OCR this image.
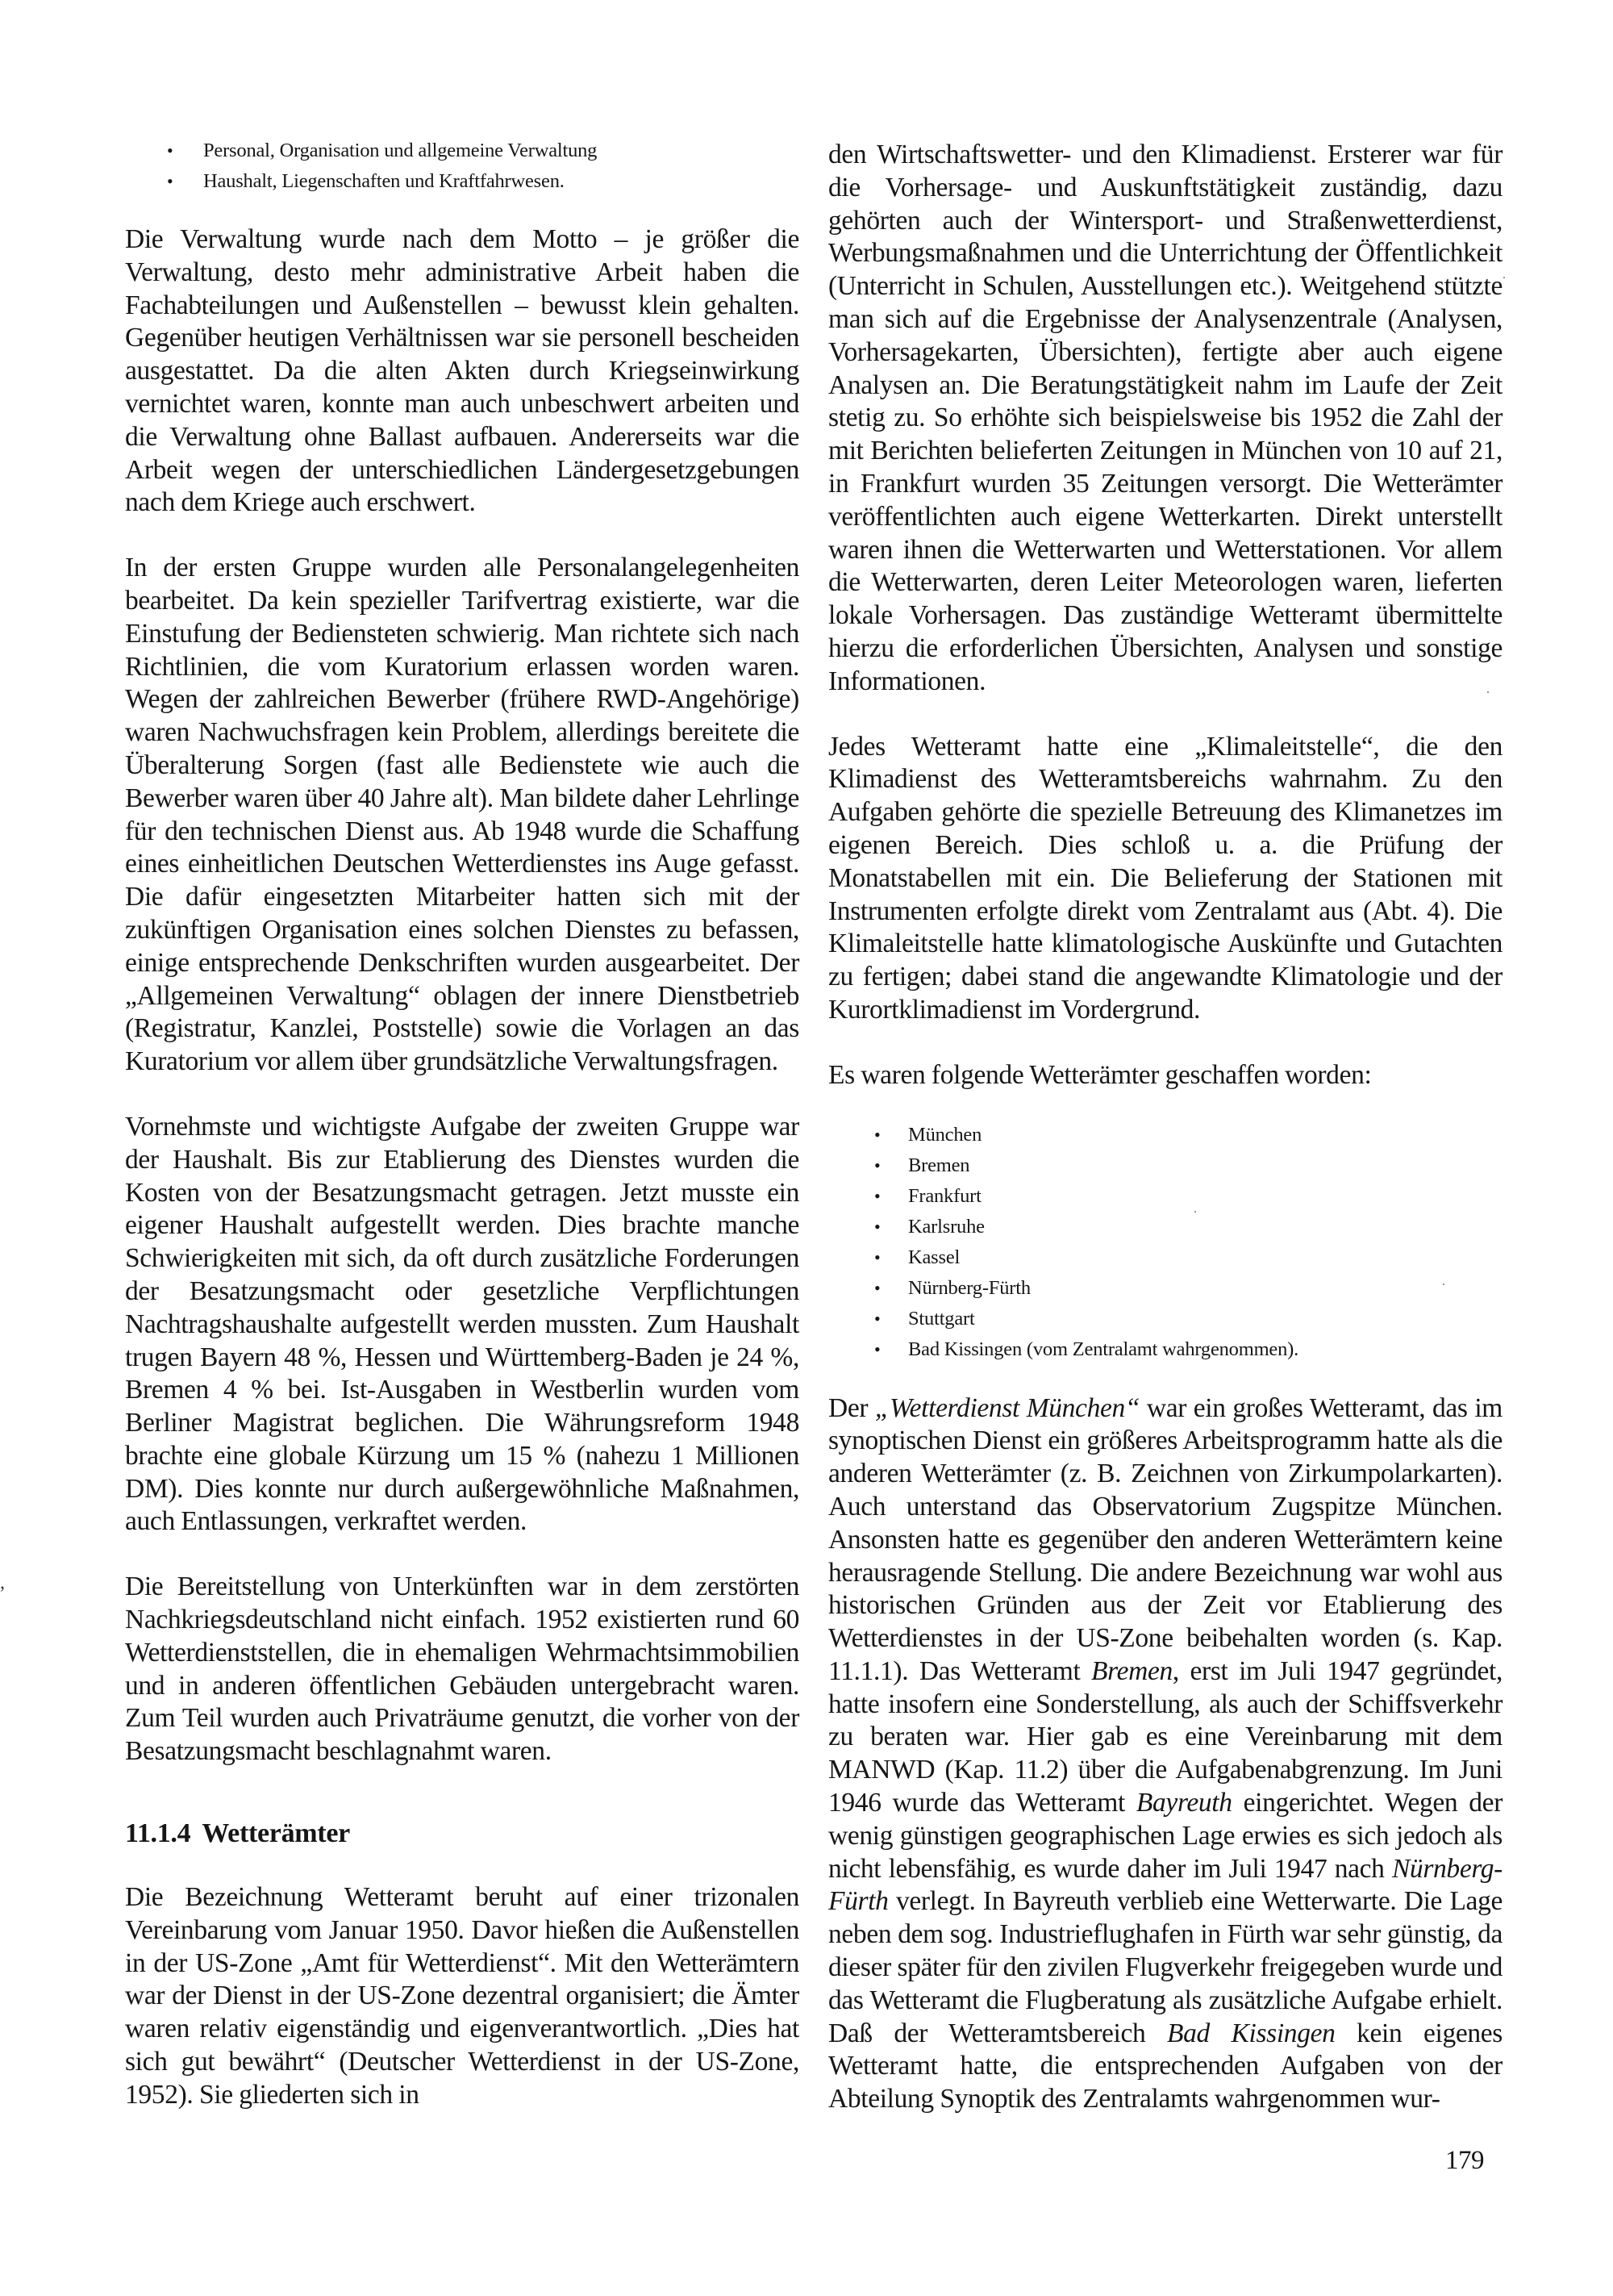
,
• Personal, Organisation und allgemeine Verwaltung
• Haushalt, Liegenschaften und Kraftfahrwesen.

Die Verwaltung wurde nach dem Motto – je größer die Verwaltung, desto mehr administrative Arbeit haben die Fachabteilungen und Außenstellen – bewusst klein gehalten. Gegenüber heutigen Verhältnissen war sie personell bescheiden ausgestattet. Da die alten Akten durch Kriegseinwirkung vernichtet waren, konnte man auch unbeschwert arbeiten und die Verwaltung ohne Ballast aufbauen. Andererseits war die Arbeit wegen der unterschiedlichen Ländergesetzgebungen nach dem Kriege auch erschwert.

In der ersten Gruppe wurden alle Personalangelegenheiten bearbeitet. Da kein spezieller Tarifvertrag existierte, war die Einstufung der Bediensteten schwierig. Man richtete sich nach Richtlinien, die vom Kuratorium erlassen worden waren. Wegen der zahlreichen Bewerber (frühere RWD-Angehörige) waren Nachwuchsfragen kein Problem, allerdings bereitete die Überalterung Sorgen (fast alle Bedienstete wie auch die Bewerber waren über 40 Jahre alt). Man bildete daher Lehrlinge für den technischen Dienst aus. Ab 1948 wurde die Schaffung eines einheitlichen Deutschen Wetterdienstes ins Auge gefasst. Die dafür eingesetzten Mitarbeiter hatten sich mit der zukünftigen Organisation eines solchen Dienstes zu befassen, einige entsprechende Denkschriften wurden ausgearbeitet. Der „Allgemeinen Verwaltung“ oblagen der innere Dienstbetrieb (Registratur, Kanzlei, Poststelle) sowie die Vorlagen an das Kuratorium vor allem über grundsätzliche Verwaltungsfragen.

Vornehmste und wichtigste Aufgabe der zweiten Gruppe war der Haushalt. Bis zur Etablierung des Dienstes wurden die Kosten von der Besatzungsmacht getragen. Jetzt musste ein eigener Haushalt aufgestellt werden. Dies brachte manche Schwierigkeiten mit sich, da oft durch zusätzliche Forderungen der Besatzungsmacht oder gesetzliche Verpflichtungen Nachtragshaushalte aufgestellt werden mussten. Zum Haushalt trugen Bayern 48 %, Hessen und Württemberg-Baden je 24 %, Bremen 4 % bei. Ist-Ausgaben in Westberlin wurden vom Berliner Magistrat beglichen. Die Währungsreform 1948 brachte eine globale Kürzung um 15 % (nahezu 1 Millionen DM). Dies konnte nur durch außergewöhnliche Maßnahmen, auch Entlassungen, verkraftet werden.

Die Bereitstellung von Unterkünften war in dem zerstörten Nachkriegsdeutschland nicht einfach. 1952 existierten rund 60 Wetterdienststellen, die in ehemaligen Wehrmachtsimmobilien und in anderen öffentlichen Gebäuden untergebracht waren. Zum Teil wurden auch Privaträume genutzt, die vorher von der Besatzungsmacht beschlagnahmt waren.

11.1.4 Wetterämter

Die Bezeichnung Wetteramt beruht auf einer trizonalen Vereinbarung vom Januar 1950. Davor hießen die Außenstellen in der US-Zone „Amt für Wetterdienst“. Mit den Wetterämtern war der Dienst in der US-Zone dezentral organisiert; die Ämter waren relativ eigenständig und eigenverantwortlich. „Dies hat sich gut bewährt“ (Deutscher Wetterdienst in der US-Zone, 1952). Sie gliederten sich in

den Wirtschaftswetter- und den Klimadienst. Ersterer war für die Vorhersage- und Auskunftstätigkeit zuständig, dazu gehörten auch der Wintersport- und Straßenwetterdienst, Werbungsmaßnahmen und die Unterrichtung der Öffentlichkeit (Unterricht in Schulen, Ausstellungen etc.). Weitgehend stützte man sich auf die Ergebnisse der Analysenzentrale (Analysen, Vorhersagekarten, Übersichten), fertigte aber auch eigene Analysen an. Die Beratungstätigkeit nahm im Laufe der Zeit stetig zu. So erhöhte sich beispielsweise bis 1952 die Zahl der mit Berichten belieferten Zeitungen in München von 10 auf 21, in Frankfurt wurden 35 Zeitungen versorgt. Die Wetterämter veröffentlichten auch eigene Wetterkarten. Direkt unterstellt waren ihnen die Wetterwarten und Wetterstationen. Vor allem die Wetterwarten, deren Leiter Meteorologen waren, lieferten lokale Vorhersagen. Das zuständige Wetteramt übermittelte hierzu die erforderlichen Übersichten, Analysen und sonstige Informationen.

Jedes Wetteramt hatte eine „Klimaleitstelle“, die den Klimadienst des Wetteramtsbereichs wahrnahm. Zu den Aufgaben gehörte die spezielle Betreuung des Klimanetzes im eigenen Bereich. Dies schloß u. a. die Prüfung der Monatstabellen mit ein. Die Belieferung der Stationen mit Instrumenten erfolgte direkt vom Zentralamt aus (Abt. 4). Die Klimaleitstelle hatte klimatologische Auskünfte und Gutachten zu fertigen; dabei stand die angewandte Klimatologie und der Kurortklimadienst im Vordergrund.

Es waren folgende Wetterämter geschaffen worden:

• München
• Bremen
• Frankfurt
• Karlsruhe
• Kassel
• Nürnberg-Fürth
• Stuttgart
• Bad Kissingen (vom Zentralamt wahrgenommen).

Der „Wetterdienst München“ war ein großes Wetteramt, das im synoptischen Dienst ein größeres Arbeitsprogramm hatte als die anderen Wetterämter (z. B. Zeichnen von Zirkumpolarkarten). Auch unterstand das Observatorium Zugspitze München. Ansonsten hatte es gegenüber den anderen Wetterämtern keine herausragende Stellung. Die andere Bezeichnung war wohl aus historischen Gründen aus der Zeit vor Etablierung des Wetterdienstes in der US-Zone beibehalten worden (s. Kap. 11.1.1). Das Wetteramt Bremen, erst im Juli 1947 gegründet, hatte insofern eine Sonderstellung, als auch der Schiffsverkehr zu beraten war. Hier gab es eine Vereinbarung mit dem MANWD (Kap. 11.2) über die Aufgabenabgrenzung. Im Juni 1946 wurde das Wetteramt Bayreuth eingerichtet. Wegen der wenig günstigen geographischen Lage erwies es sich jedoch als nicht lebensfähig, es wurde daher im Juli 1947 nach Nürnberg-Fürth verlegt. In Bayreuth verblieb eine Wetterwarte. Die Lage neben dem sog. Industrieflughafen in Fürth war sehr günstig, da dieser später für den zivilen Flugverkehr freigegeben wurde und das Wetteramt die Flugberatung als zusätzliche Aufgabe erhielt. Daß der Wetteramtsbereich Bad Kissingen kein eigenes Wetteramt hatte, die entsprechenden Aufgaben von der Abteilung Synoptik des Zentralamts wahrgenommen wur-

179
